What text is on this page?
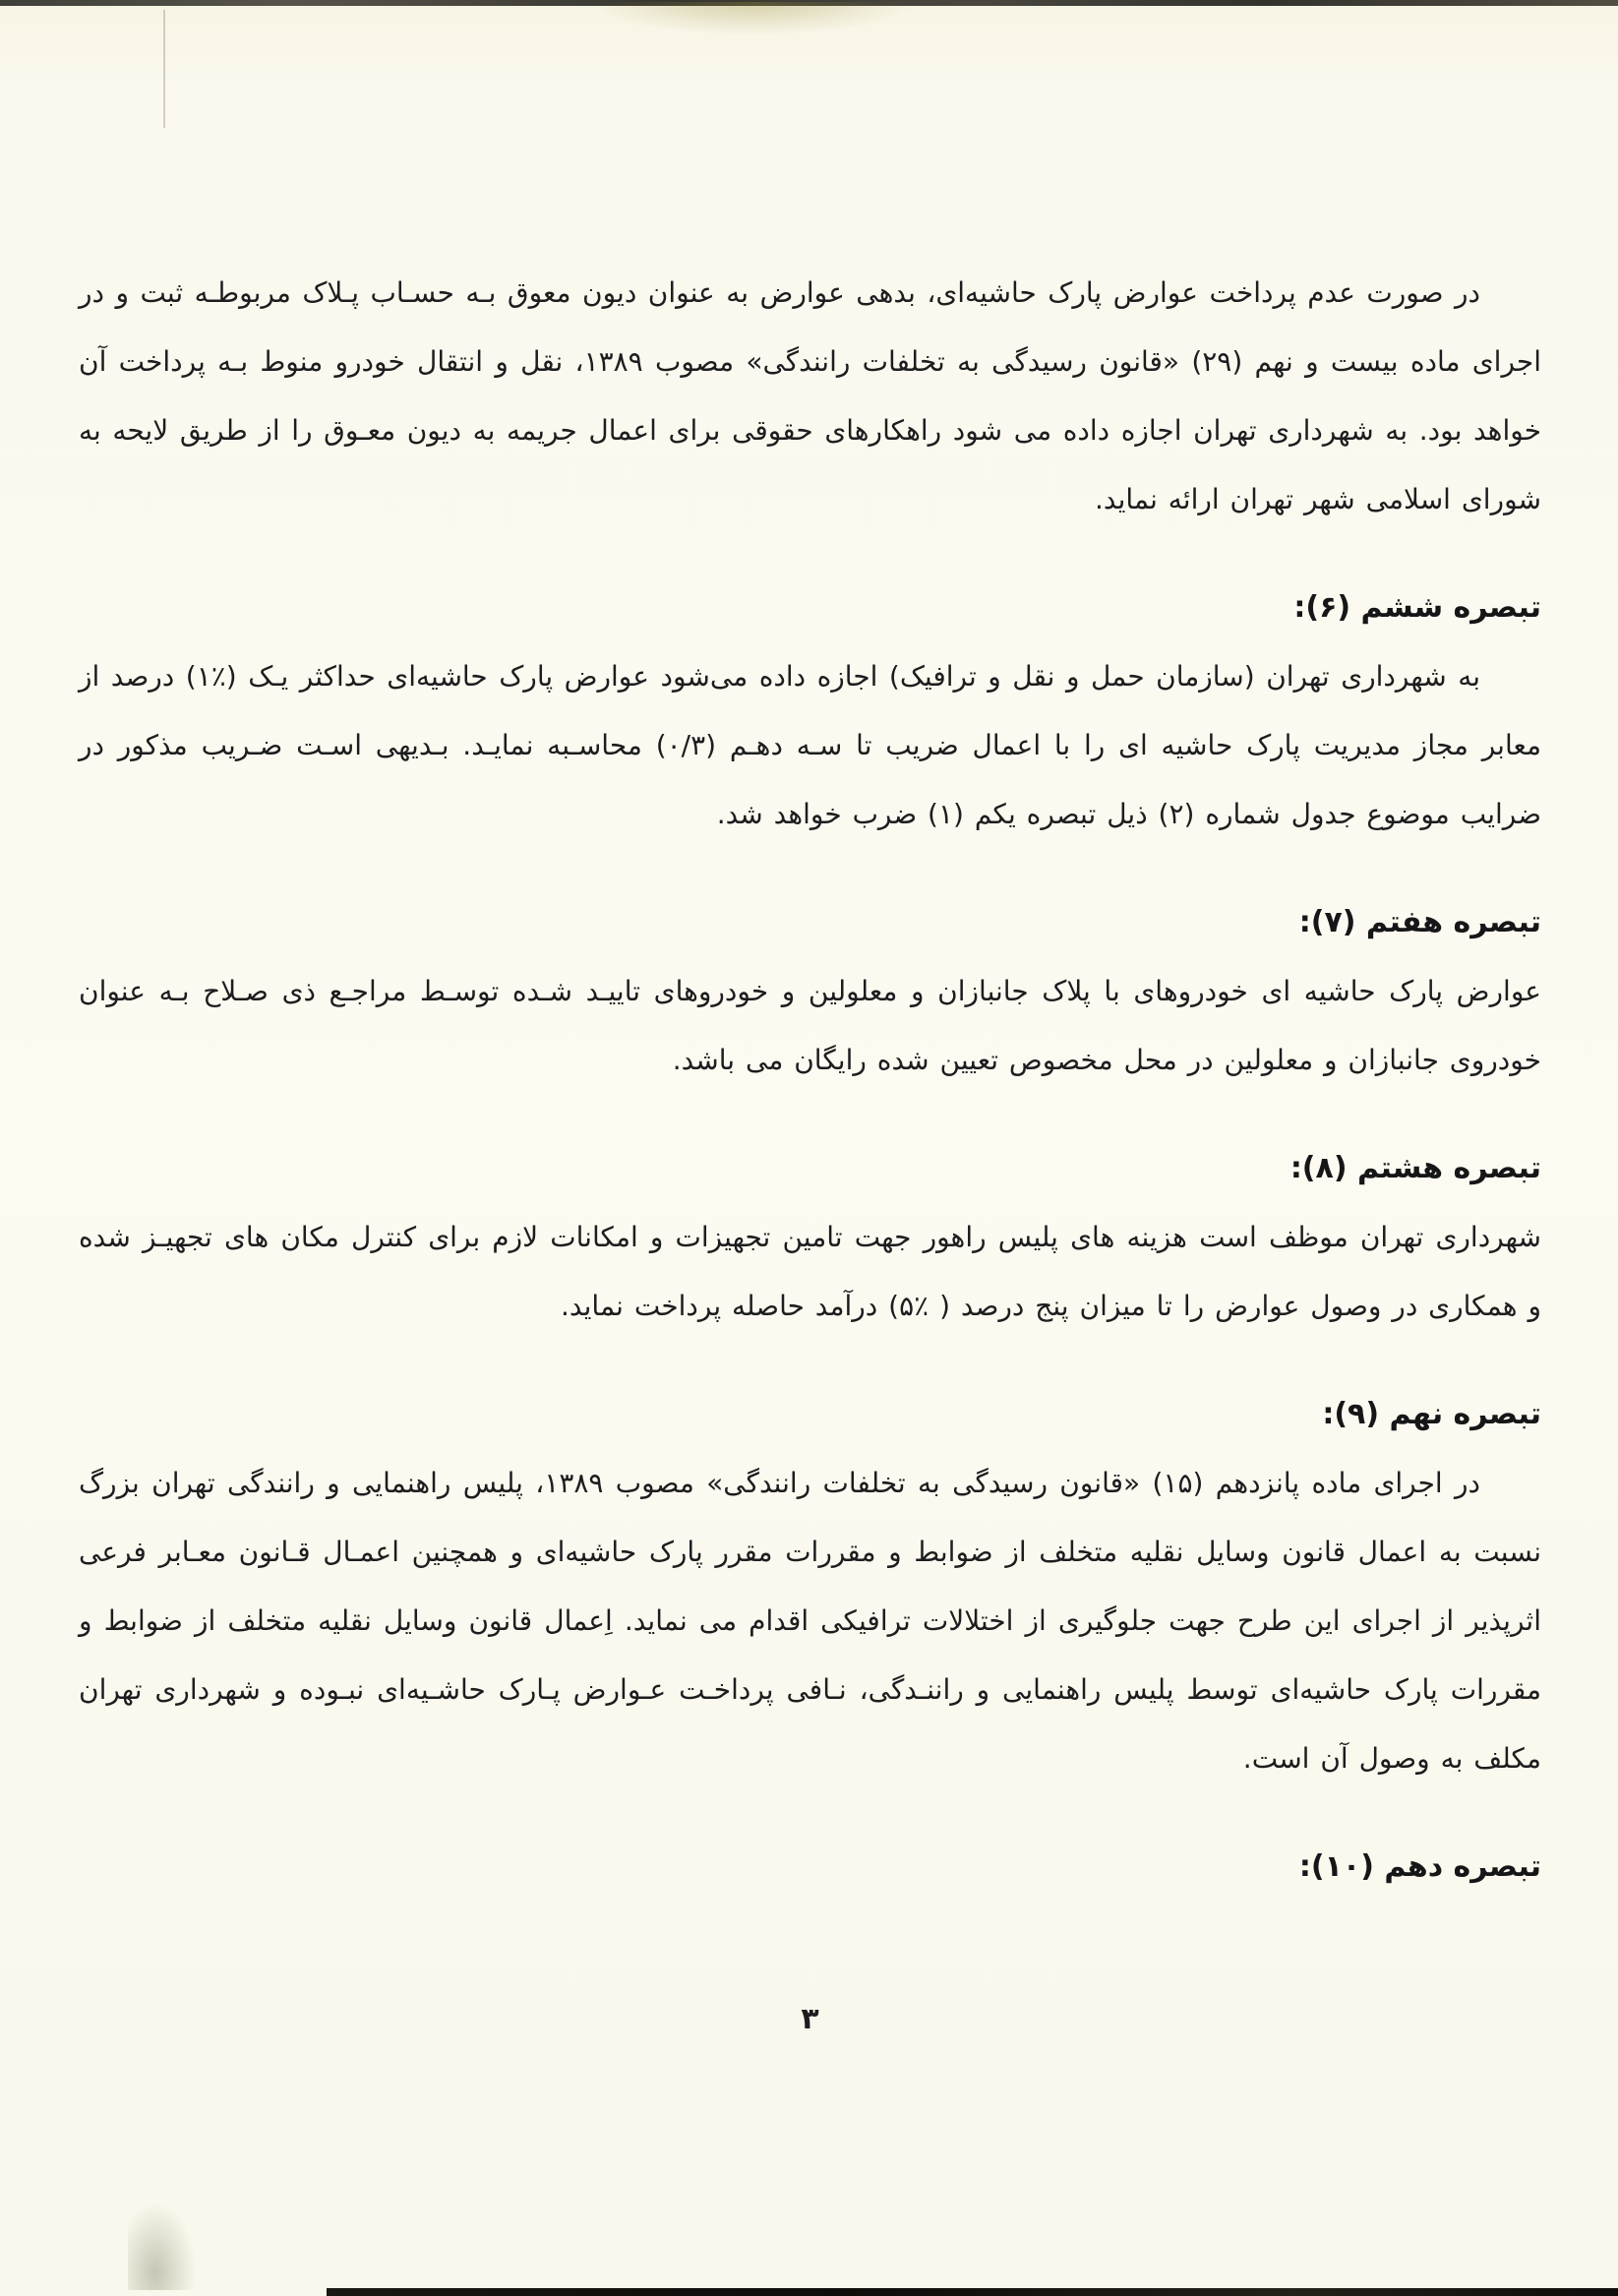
در صورت عدم پرداخت عوارض پارک حاشیه‌ای، بدهی عوارض به عنوان دیون معوق بـه حسـاب پـلاک مربوطـه ثبت و در اجرای ماده بیست و نهم (۲۹) «قانون رسیدگی به تخلفات رانندگی» مصوب ۱۳۸۹، نقل و انتقال خودرو منوط بـه پرداخت آن خواهد بود. به شهرداری تهران اجازه داده می شود راهکارهای حقوقی برای اعمال جریمه به دیون معـوق را از طریق لایحه به شورای اسلامی شهر تهران ارائه نماید.

تبصره ششم (۶):

به شهرداری تهران (سازمان حمل و نقل و ترافیک) اجازه داده می‌شود عوارض پارک حاشیه‌ای حداکثر یـک (٪۱) درصد از معابر مجاز مدیریت پارک حاشیه ای را با اعمال ضریب تا سـه دهـم (۰/۳) محاسـبه نمایـد. بـدیهی اسـت ضـریب مذکور در ضرایب موضوع جدول شماره (۲) ذیل تبصره یکم (۱) ضرب خواهد شد.

تبصره هفتم (۷):

عوارض پارک حاشیه ای خودروهای با پلاک جانبازان و معلولین و خودروهای تاییـد شـده توسـط مراجـع ذی صـلاح بـه عنوان خودروی جانبازان و معلولین در محل مخصوص تعیین شده رایگان می باشد.

تبصره هشتم (۸):

شهرداری تهران موظف است هزینه های پلیس راهور جهت تامین تجهیزات و امکانات لازم برای کنترل مکان های تجهیـز شده و همکاری در وصول عوارض را تا میزان پنج درصد ( ٪۵) درآمد حاصله پرداخت نماید.

تبصره نهم (۹):

در اجرای ماده پانزدهم (۱۵) «قانون رسیدگی به تخلفات رانندگی» مصوب ۱۳۸۹، پلیس راهنمایی و رانندگی تهران بزرگ نسبت به اعمال قانون وسایل نقلیه متخلف از ضوابط و مقررات مقرر پارک حاشیه‌ای و همچنین اعمـال قـانون معـابر فرعی اثرپذیر از اجرای این طرح جهت جلوگیری از اختلالات ترافیکی اقدام می نماید. اِعمال قانون وسایل نقلیه متخلف از ضوابط و مقررات پارک حاشیه‌ای توسط پلیس راهنمایی و راننـدگی، نـافی پرداخـت عـوارض پـارک حاشـیه‌ای نبـوده و شهرداری تهران مکلف به وصول آن است.

تبصره دهم (۱۰):
۳
